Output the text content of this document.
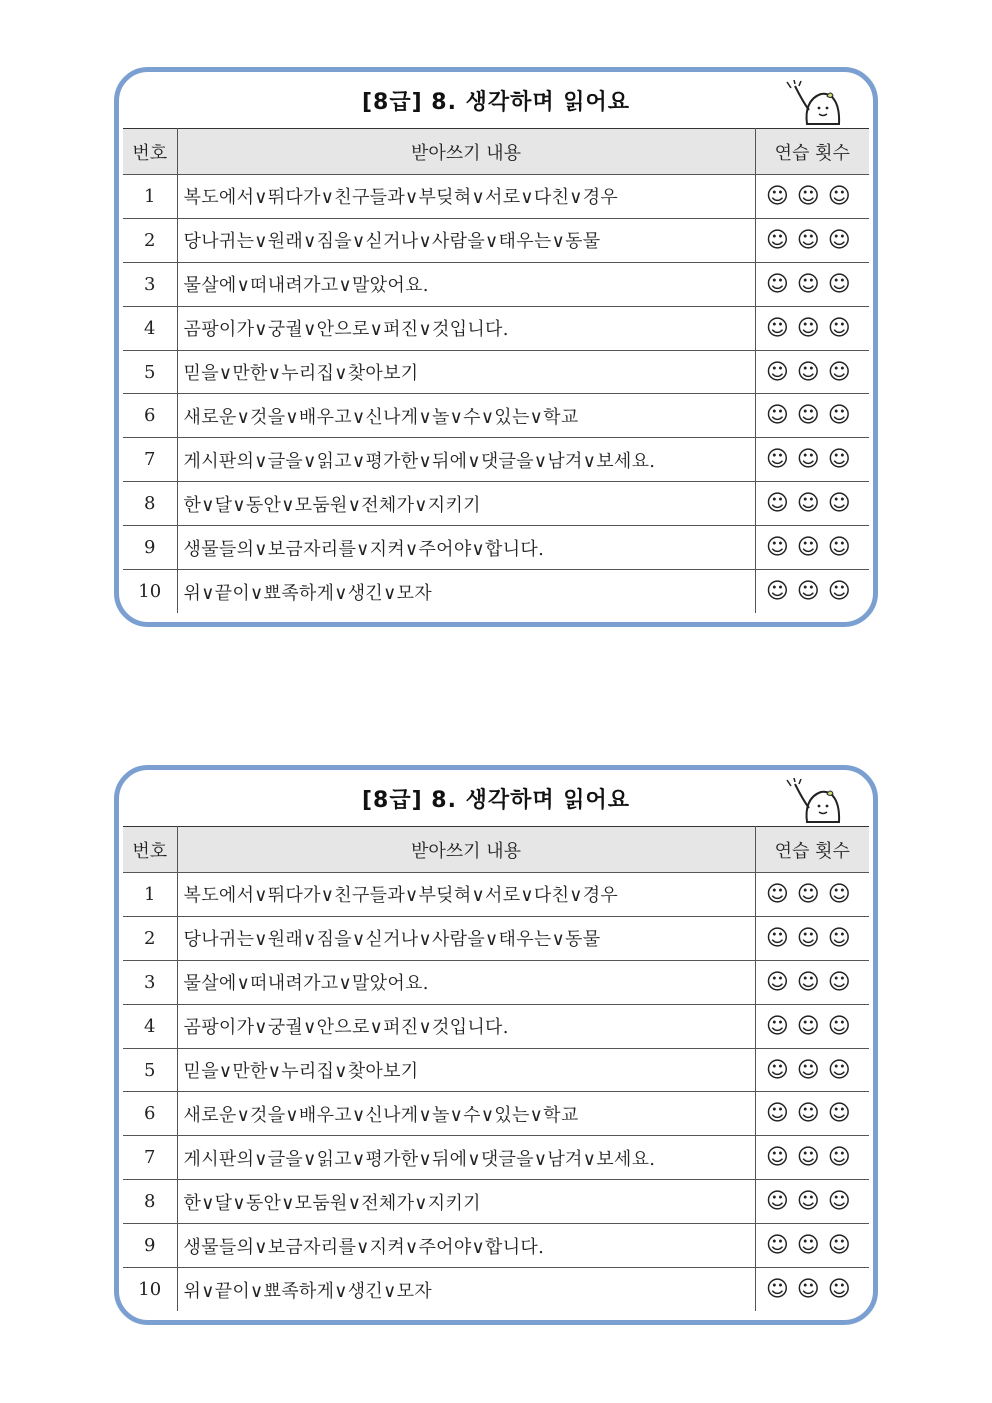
[8급] 8. 생각하며 읽어요
번호	받아쓰기 내용	연습 횟수
1	복도에서∨뛰다가∨친구들과∨부딪혀∨서로∨다친∨경우	☺☺☺
2	당나귀는∨원래∨짐을∨싣거나∨사람을∨태우는∨동물	☺☺☺
3	물살에∨떠내려가고∨말았어요.	☺☺☺
4	곰팡이가∨궁궐∨안으로∨퍼진∨것입니다.	☺☺☺
5	믿을∨만한∨누리집∨찾아보기	☺☺☺
6	새로운∨것을∨배우고∨신나게∨놀∨수∨있는∨학교	☺☺☺
7	게시판의∨글을∨읽고∨평가한∨뒤에∨댓글을∨남겨∨보세요.	☺☺☺
8	한∨달∨동안∨모둠원∨전체가∨지키기	☺☺☺
9	생물들의∨보금자리를∨지켜∨주어야∨합니다.	☺☺☺
10	위∨끝이∨뾰족하게∨생긴∨모자	☺☺☺
[8급] 8. 생각하며 읽어요
번호	받아쓰기 내용	연습 횟수
1	복도에서∨뛰다가∨친구들과∨부딪혀∨서로∨다친∨경우	☺☺☺
2	당나귀는∨원래∨짐을∨싣거나∨사람을∨태우는∨동물	☺☺☺
3	물살에∨떠내려가고∨말았어요.	☺☺☺
4	곰팡이가∨궁궐∨안으로∨퍼진∨것입니다.	☺☺☺
5	믿을∨만한∨누리집∨찾아보기	☺☺☺
6	새로운∨것을∨배우고∨신나게∨놀∨수∨있는∨학교	☺☺☺
7	게시판의∨글을∨읽고∨평가한∨뒤에∨댓글을∨남겨∨보세요.	☺☺☺
8	한∨달∨동안∨모둠원∨전체가∨지키기	☺☺☺
9	생물들의∨보금자리를∨지켜∨주어야∨합니다.	☺☺☺
10	위∨끝이∨뾰족하게∨생긴∨모자	☺☺☺
